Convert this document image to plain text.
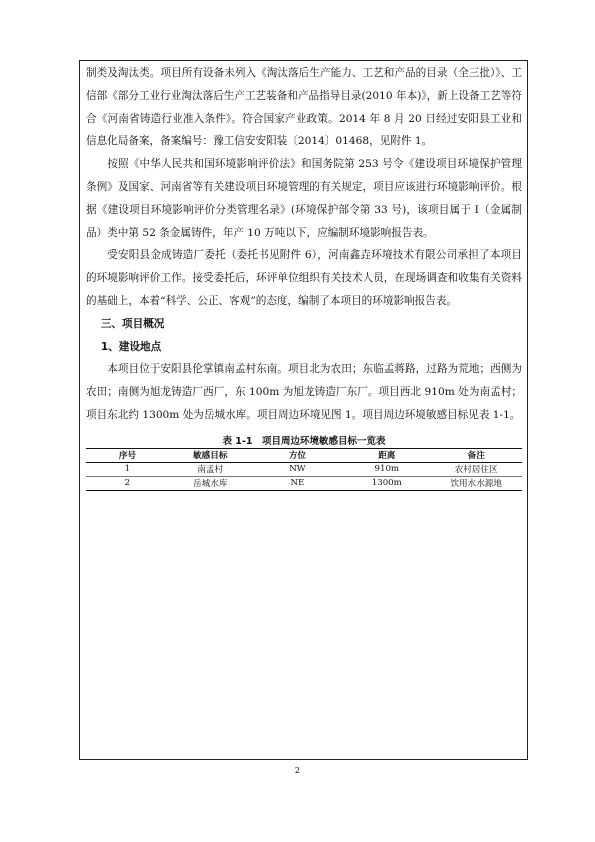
制类及淘汰类。项目所有设备未列入《淘汰落后生产能力、工艺和产品的目录（全三批）》、工信部《部分工业行业淘汰落后生产工艺装备和产品指导目录(2010 年本)》，新上设备工艺等符合《河南省铸造行业准入条件》。符合国家产业政策。2014 年 8 月 20 日经过安阳县工业和信息化局备案，备案编号：豫工信安安阳装〔2014〕01468，见附件 1。

按照《中华人民共和国环境影响评价法》和国务院第 253 号令《建设项目环境保护管理条例》及国家、河南省等有关建设项目环境管理的有关规定，项目应该进行环境影响评价。根据《建设项目环境影响评价分类管理名录》(环境保护部令第 33 号)，该项目属于 I（金属制品）类中第 52 条金属铸件，年产 10 万吨以下，应编制环境影响报告表。

受安阳县金成铸造厂委托（委托书见附件 6），河南鑫垚环境技术有限公司承担了本项目的环境影响评价工作。接受委托后，环评单位组织有关技术人员，在现场调查和收集有关资料的基础上，本着“科学、公正、客观”的态度，编制了本项目的环境影响报告表。

三、项目概况

1、建设地点

本项目位于安阳县伦掌镇南孟村东南。项目北为农田；东临孟蒋路，过路为荒地；西侧为农田；南侧为旭龙铸造厂西厂，东 100m 为旭龙铸造厂东厂。项目西北 910m 处为南孟村；项目东北约 1300m 处为岳城水库。项目周边环境见图 1。项目周边环境敏感目标见表 1-1。

表 1-1　项目周边环境敏感目标一览表
序号	敏感目标	方位	距离	备注
1	南孟村	NW	910m	农村居住区
2	岳城水库	NE	1300m	饮用水水源地
2
